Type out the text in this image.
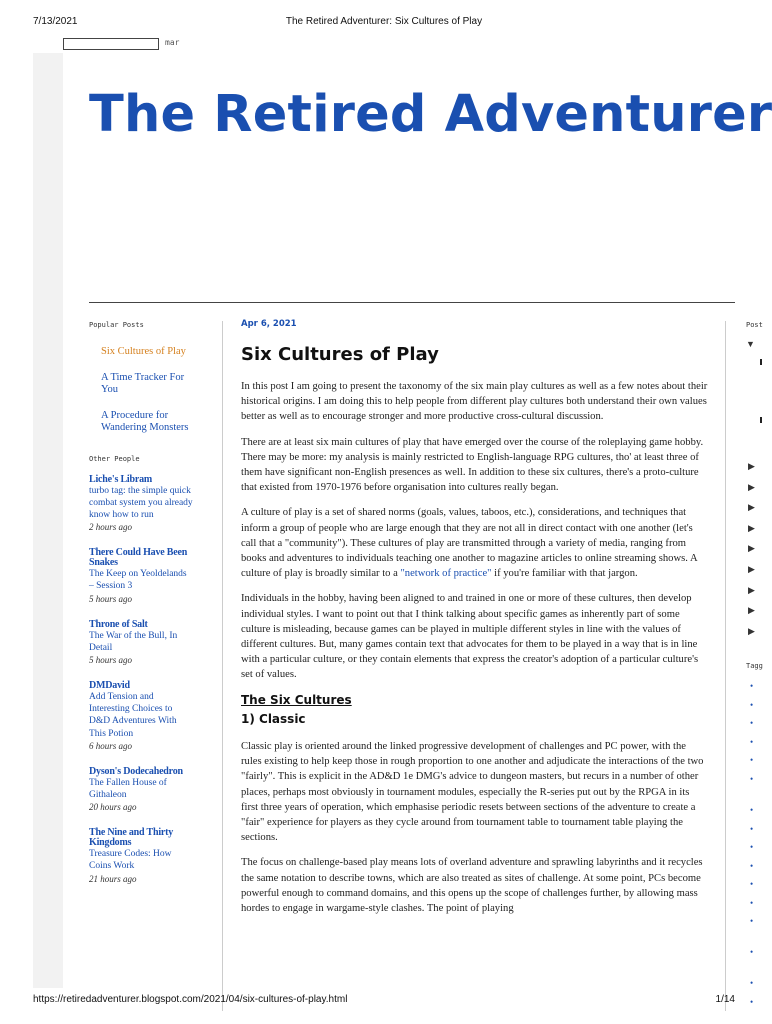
7/13/2021	The Retired Adventurer: Six Cultures of Play
mar
The Retired Adventurer

Popular Posts

Six Cultures of Play
A Time Tracker For You
A Procedure for Wandering Monsters

Other People

Liche's Libram
turbo tag: the simple quick combat system you already know how to run
2 hours ago
There Could Have Been Snakes
The Keep on Yeoldelands – Session 3
5 hours ago
Throne of Salt
The War of the Bull, In Detail
5 hours ago
DMDavid
Add Tension and Interesting Choices to D&D Adventures With This Potion
6 hours ago
Dyson's Dodecahedron
The Fallen House of Githaleon
20 hours ago
The Nine and Thirty Kingdoms
Treasure Codes: How Coins Work
21 hours ago
Apr 6, 2021
Six Cultures of Play

In this post I am going to present the taxonomy of the six main play cultures as well as a few notes about their historical origins. I am doing this to help people from different play cultures both understand their own values better as well as to encourage stronger and more productive cross-cultural discussion.

There are at least six main cultures of play that have emerged over the course of the roleplaying game hobby. There may be more: my analysis is mainly restricted to English-language RPG cultures, tho' at least three of them have significant non-English presences as well. In addition to these six cultures, there's a proto-culture that existed from 1970-1976 before organisation into cultures really began.

A culture of play is a set of shared norms (goals, values, taboos, etc.), considerations, and techniques that inform a group of people who are large enough that they are not all in direct contact with one another (let's call that a "community"). These cultures of play are transmitted through a variety of media, ranging from books and adventures to individuals teaching one another to magazine articles to online streaming shows. A culture of play is broadly similar to a "network of practice" if you're familiar with that jargon.

Individuals in the hobby, having been aligned to and trained in one or more of these cultures, then develop individual styles. I want to point out that I think talking about specific games as inherently part of some culture is misleading, because games can be played in multiple different styles in line with the values of different cultures. But, many games contain text that advocates for them to be played in a way that is in line with a particular culture, or they contain elements that express the creator's adoption of a particular culture's set of values.

The Six Cultures
1) Classic

Classic play is oriented around the linked progressive development of challenges and PC power, with the rules existing to help keep those in rough proportion to one another and adjudicate the interactions of the two "fairly". This is explicit in the AD&D 1e DMG's advice to dungeon masters, but recurs in a number of other places, perhaps most obviously in tournament modules, especially the R-series put out by the RPGA in its first three years of operation, which emphasise periodic resets between sections of the adventure to create a "fair" experience for players as they cycle around from tournament table to tournament table playing the sections.

The focus on challenge-based play means lots of overland adventure and sprawling labyrinths and it recycles the same notation to describe towns, which are also treated as sites of challenge. At some point, PCs become powerful enough to command domains, and this opens up the scope of challenges further, by allowing mass hordes to engage in wargame-style clashes. The point of playing

Post
▼
▶
▶
▶
▶
▶
▶
▶
▶
▶
Tagg
•
•
•
•
•
•
•
•
•
•
•
•
•
•
•
•
https://retiredadventurer.blogspot.com/2021/04/six-cultures-of-play.html	1/14
